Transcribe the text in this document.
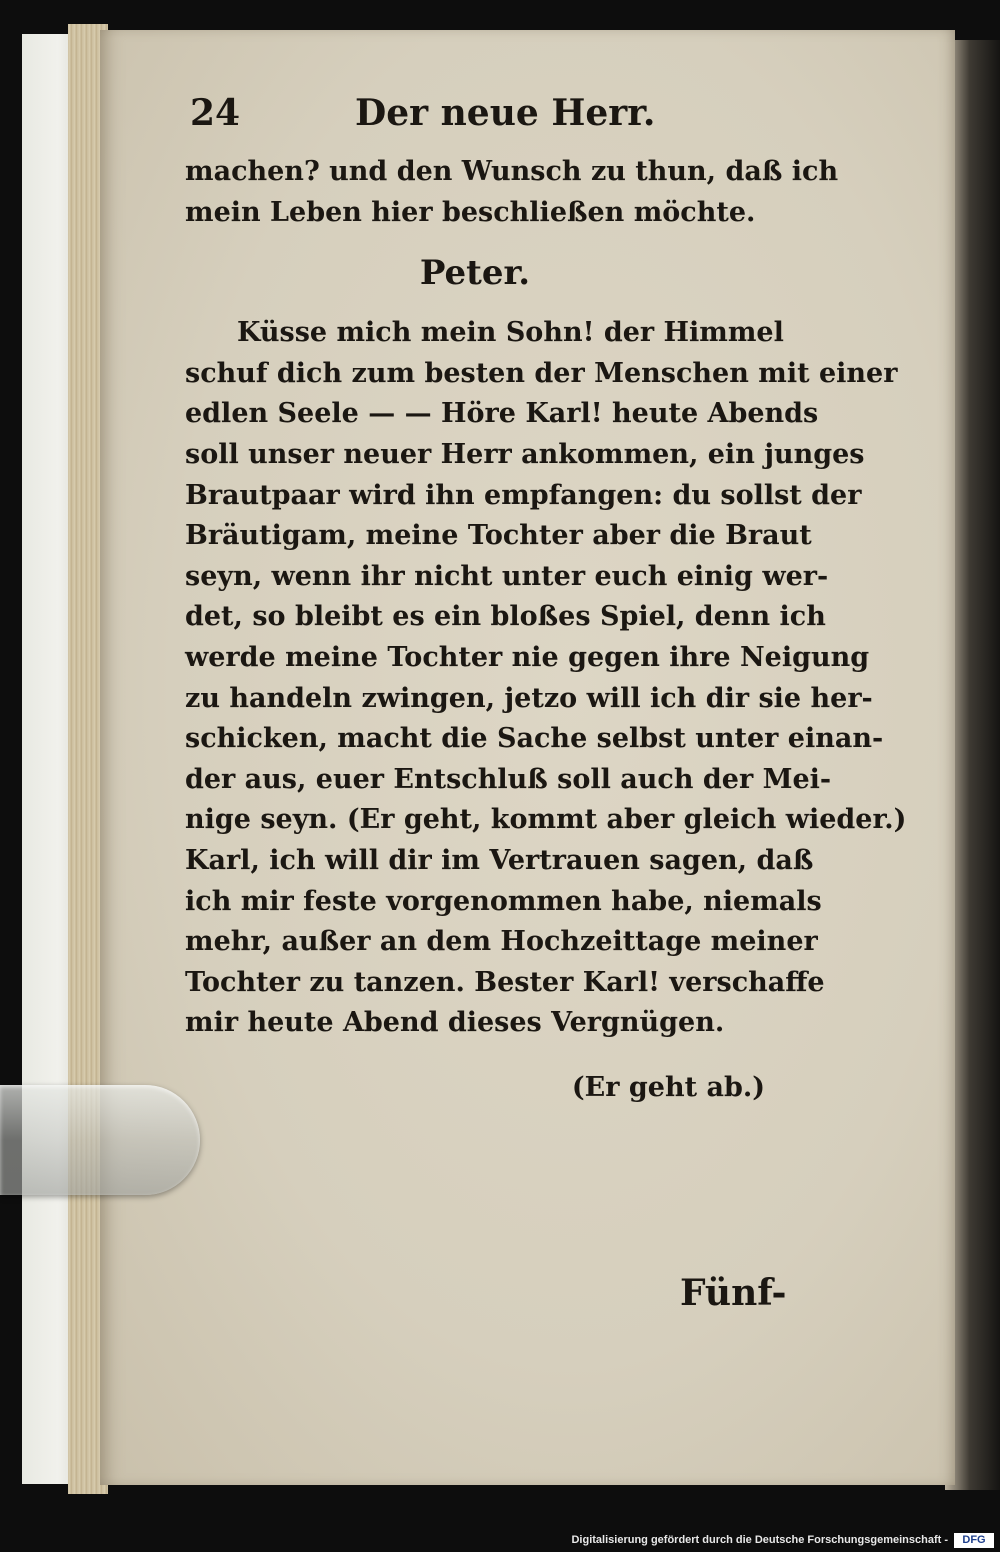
24	Der neue Herr.
machen? und den Wunsch zu thun, daß ich
mein Leben hier beschließen möchte.
Peter.
Küsse mich mein Sohn! der Himmel
schuf dich zum besten der Menschen mit einer
edlen Seele — — Höre Karl! heute Abends
soll unser neuer Herr ankommen, ein junges
Brautpaar wird ihn empfangen: du sollst der
Bräutigam, meine Tochter aber die Braut
seyn, wenn ihr nicht unter euch einig wer-
det, so bleibt es ein bloßes Spiel, denn ich
werde meine Tochter nie gegen ihre Neigung
zu handeln zwingen, jetzo will ich dir sie her-
schicken, macht die Sache selbst unter einan-
der aus, euer Entschluß soll auch der Mei-
nige seyn. (Er geht, kommt aber gleich wieder.)
Karl, ich will dir im Vertrauen sagen, daß
ich mir feste vorgenommen habe, niemals
mehr, außer an dem Hochzeittage meiner
Tochter zu tanzen. Bester Karl! verschaffe
mir heute Abend dieses Vergnügen.
(Er geht ab.)
Fünf-
Digitalisierung gefördert durch die Deutsche Forschungsgemeinschaft -	DFG
